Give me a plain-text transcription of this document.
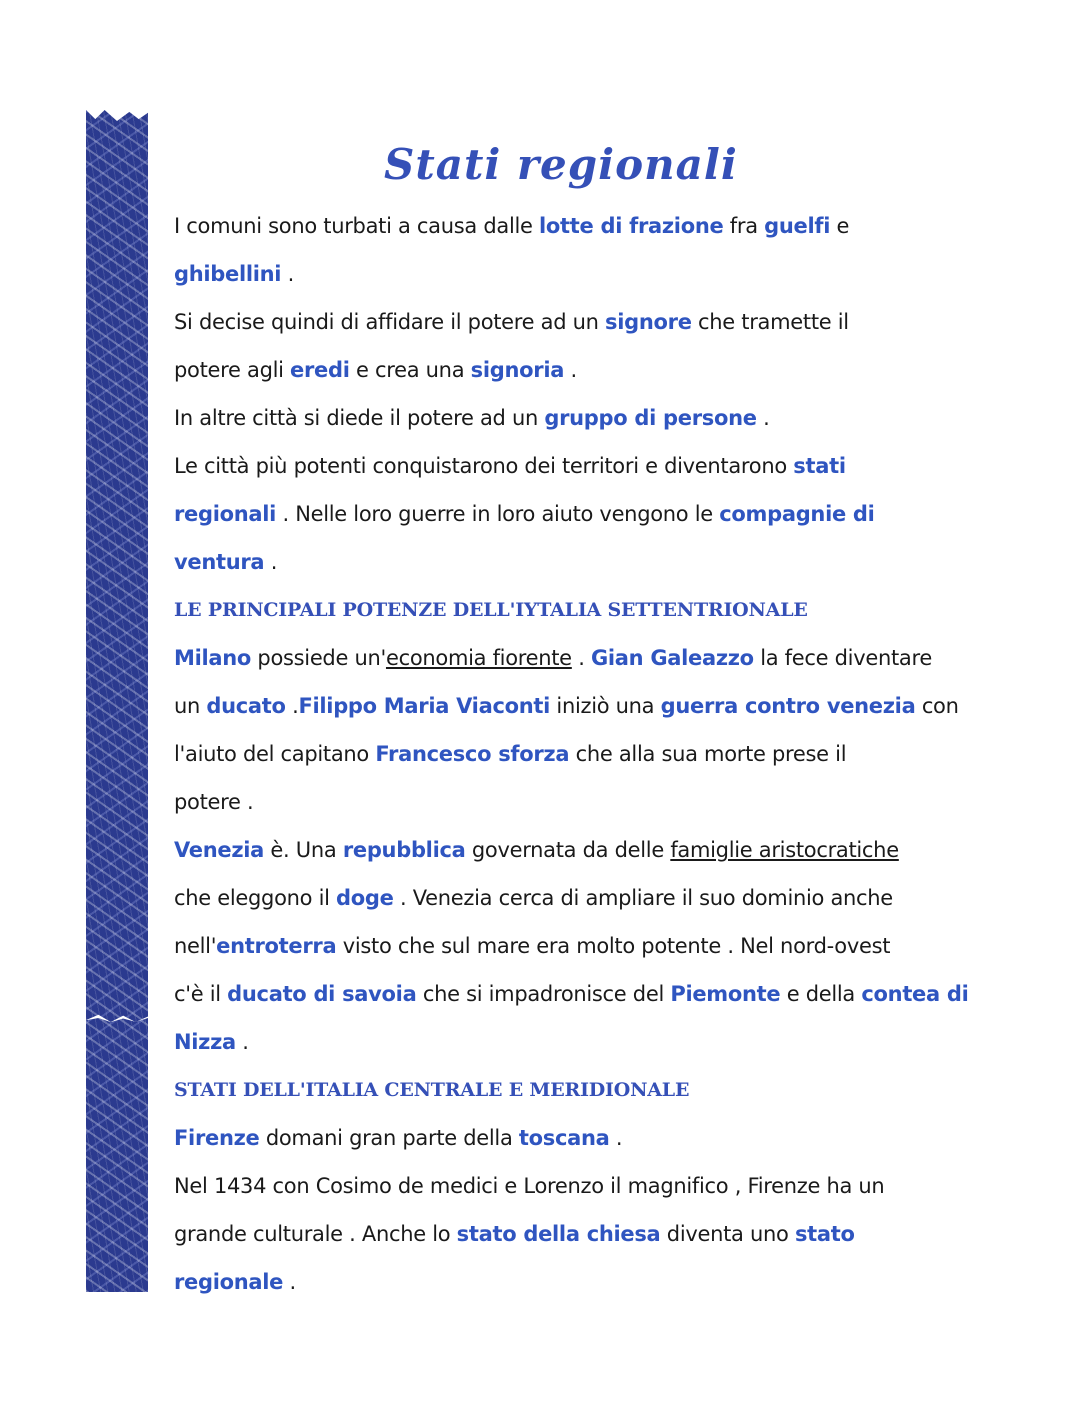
Stati regionali
I comuni sono turbati a causa dalle lotte di frazione fra guelfi e
ghibellini .
Si decise quindi di affidare il potere ad un signore che tramette il
potere agli eredi e crea una signoria .
In altre città si diede il potere ad un gruppo di persone .
Le città più potenti conquistarono dei territori e diventarono stati
regionali . Nelle loro guerre in loro aiuto vengono le compagnie di
ventura .
LE PRINCIPALI POTENZE DELL'IYTALIA SETTENTRIONALE
Milano possiede un'economia fiorente . Gian Galeazzo la fece diventare
un ducato .Filippo Maria Viaconti iniziò una guerra contro venezia con
l'aiuto del capitano Francesco sforza che alla sua morte prese il
potere .
Venezia è. Una repubblica governata da delle famiglie aristocratiche
che eleggono il doge . Venezia cerca di ampliare il suo dominio anche
nell'entroterra visto che sul mare era molto potente . Nel nord-ovest
c'è il ducato di savoia che si impadronisce del Piemonte e della contea di
Nizza .
STATI DELL'ITALIA CENTRALE E MERIDIONALE
Firenze domani gran parte della toscana .
Nel 1434 con Cosimo de medici e Lorenzo il magnifico , Firenze ha un
grande culturale . Anche lo stato della chiesa diventa uno stato
regionale .
